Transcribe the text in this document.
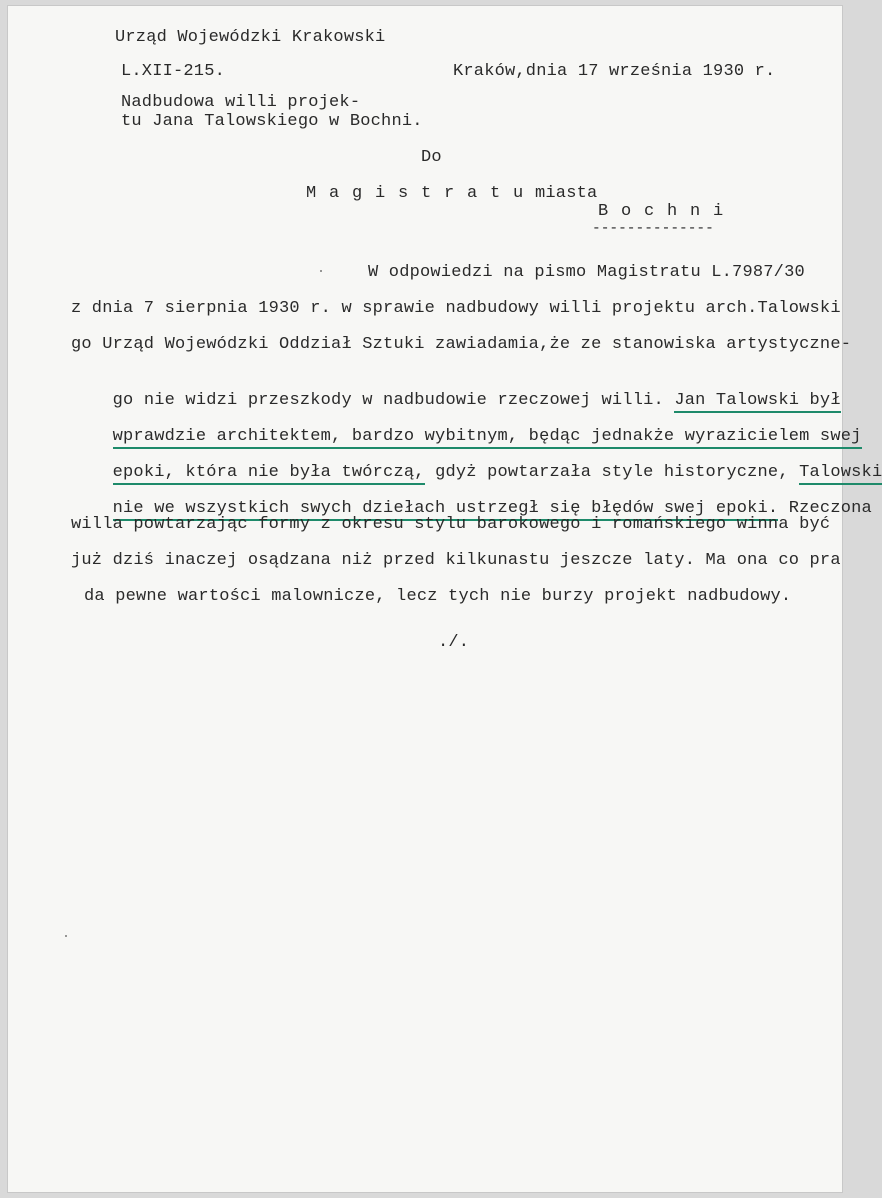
Urząd Wojewódzki Krakowski
L.XII-215.	Kraków,dnia 17 września 1930 r.
Nadbudowa willi projek-
tu Jana Talowskiego w Bochni.
Do
M a g i s t r a t u miasta
B o c h n i
--------------
W odpowiedzi na pismo Magistratu L.7987/30
z dnia 7 sierpnia 1930 r. w sprawie nadbudowy willi projektu arch.Talowski
go Urząd Wojewódzki Oddział Sztuki zawiadamia,że ze stanowiska artystyczne-

go nie widzi przeszkody w nadbudowie rzeczowej willi. Jan Talowski był

wprawdzie architektem, bardzo wybitnym, będąc jednakże wyrazicielem swej

epoki, która nie była twórczą, gdyż powtarzała style historyczne, Talowski

nie we wszystkich swych dziełach ustrzegł się błędów swej epoki. Rzeczona

willa powtarzając formy z okresu stylu barokowego i romańskiego winna być
już dziś inaczej osądzana niż przed kilkunastu jeszcze laty. Ma ona co pra
da pewne wartości malownicze, lecz tych nie burzy projekt nadbudowy.
./.
